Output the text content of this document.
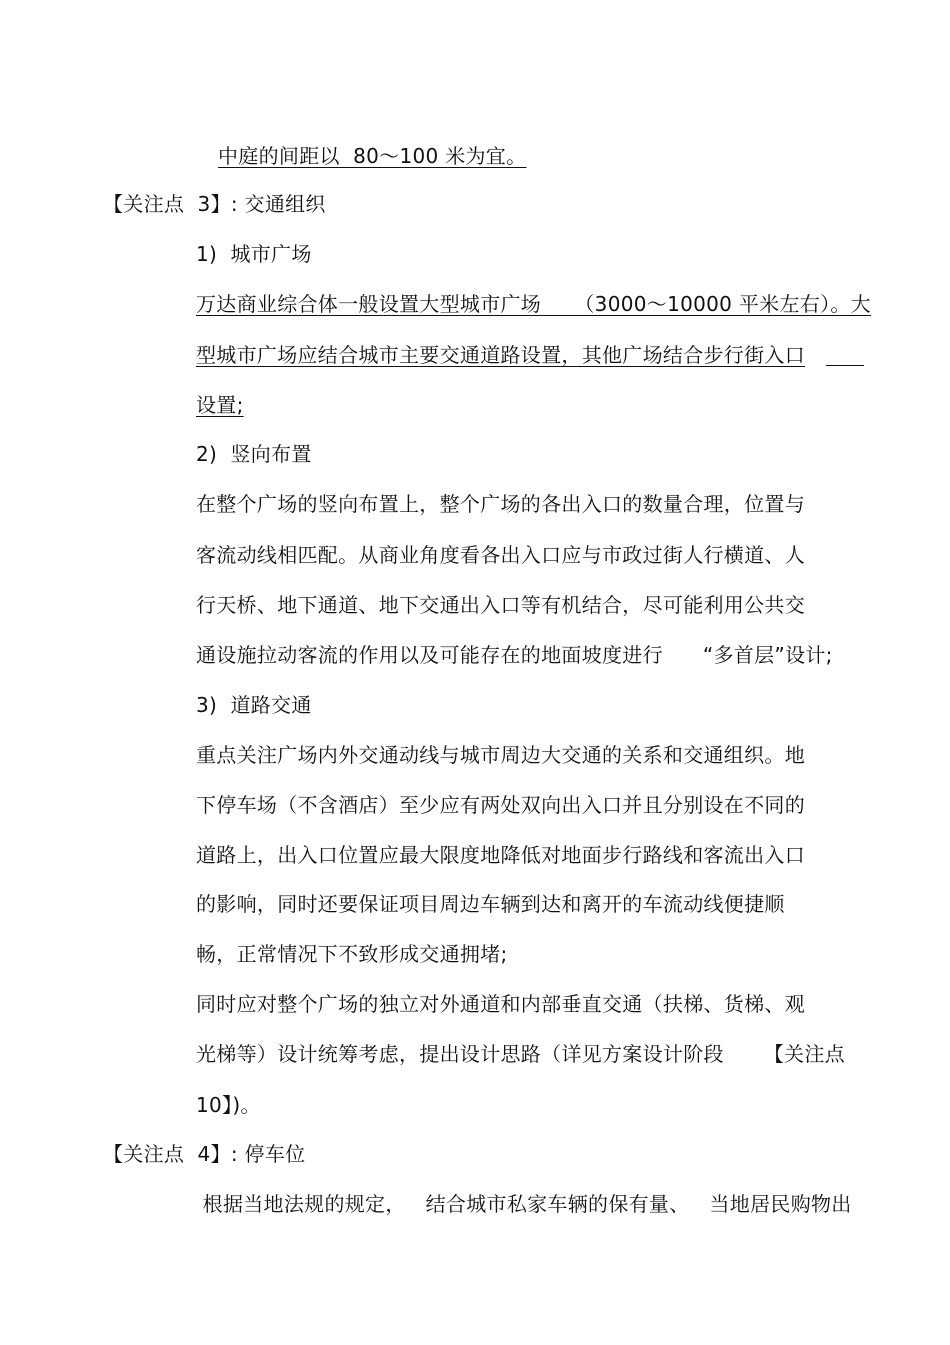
中庭的间距以  80～100 米为宜。
【关注点  3】: 交通组织
1)  城市广场
万达商业综合体一般设置大型城市广场     （3000～10000 平米左右）。大
型城市广场应结合城市主要交通道路设置，其他广场结合步行街入口
设置;
2)  竖向布置
在整个广场的竖向布置上，整个广场的各出入口的数量合理，位置与
客流动线相匹配。从商业角度看各出入口应与市政过街人行横道、人
行天桥、地下通道、地下交通出入口等有机结合，尽可能利用公共交
通设施拉动客流的作用以及可能存在的地面坡度进行      “多首层”设计;
3)  道路交通
重点关注广场内外交通动线与城市周边大交通的关系和交通组织。地
下停车场（不含酒店）至少应有两处双向出入口并且分别设在不同的
道路上，出入口位置应最大限度地降低对地面步行路线和客流出入口
的影响，同时还要保证项目周边车辆到达和离开的车流动线便捷顺
畅，正常情况下不致形成交通拥堵;
同时应对整个广场的独立对外通道和内部垂直交通（扶梯、货梯、观
光梯等）设计统筹考虑，提出设计思路（详见方案设计阶段      【关注点
10】)。
【关注点  4】: 停车位
根据当地法规的规定，   结合城市私家车辆的保有量、   当地居民购物出
